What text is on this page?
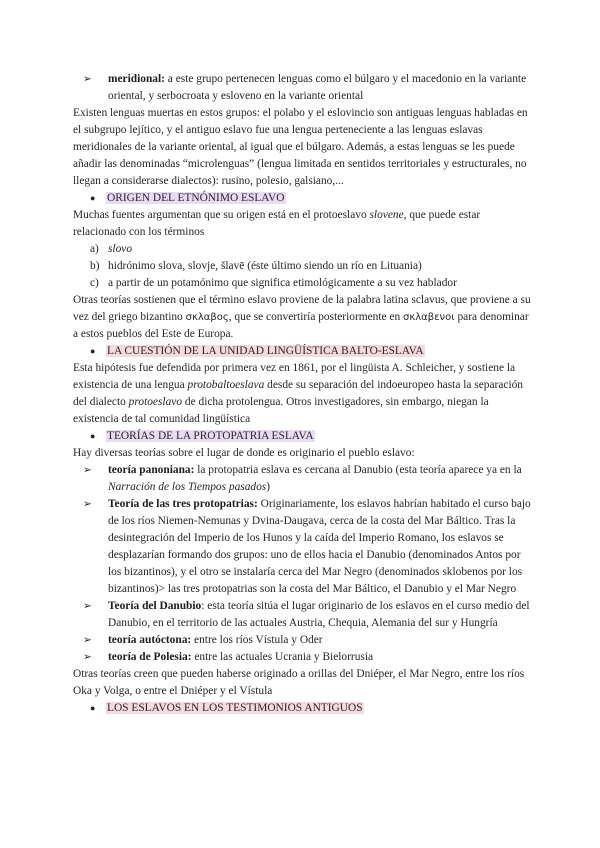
➢ meridional: a este grupo pertenecen lenguas como el búlgaro y el macedonio en la variante oriental, y serbocroata y esloveno en la variante oriental

Existen lenguas muertas en estos grupos: el polabo y el eslovincio son antiguas lenguas habladas en el subgrupo lejítico, y el antiguo eslavo fue una lengua perteneciente a las lenguas eslavas meridionales de la variante oriental, al igual que el búlgaro. Además, a estas lenguas se les puede añadir las denominadas “microlenguas” (lengua limitada en sentidos territoriales y estructurales, no llegan a considerarse dialectos): rusino, polesio, galsiano,...

● ORIGEN DEL ETNÓNIMO ESLAVO

Muchas fuentes argumentan que su origen está en el protoeslavo slovene, que puede estar relacionado con los términos

a) slovo

b) hidrónimo slova, slovje, šlavē (éste último siendo un río en Lituania)

c) a partir de un potamónimo que significa etimológicamente a su vez hablador

Otras teorías sostienen que el término eslavo proviene de la palabra latina sclavus, que proviene a su vez del griego bizantino σκλαβος, que se convertiría posteriormente en σκλαβενοι para denominar a estos pueblos del Este de Europa.

● LA CUESTIÓN DE LA UNIDAD LINGÜÍSTICA BALTO-ESLAVA

Esta hipótesis fue defendida por primera vez en 1861, por el lingüista A. Schleicher, y sostiene la existencia de una lengua protobaltoeslava desde su separación del indoeuropeo hasta la separación del dialecto protoeslavo de dicha protolengua. Otros investigadores, sin embargo, niegan la existencia de tal comunidad lingüística

● TEORÍAS DE LA PROTOPATRIA ESLAVA

Hay diversas teorías sobre el lugar de donde es originario el pueblo eslavo:

➢ teoría panoniana: la protopatria eslava es cercana al Danubio (esta teoría aparece ya en la Narración de los Tiempos pasados)

➢ Teoría de las tres protopatrias: Originariamente, los eslavos habrían habitado el curso bajo de los ríos Niemen-Nemunas y Dvina-Daugava, cerca de la costa del Mar Báltico. Tras la desintegración del Imperio de los Hunos y la caída del Imperio Romano, los eslavos se desplazarían formando dos grupos: uno de ellos hacia el Danubio (denominados Antos por los bizantinos), y el otro se instalaría cerca del Mar Negro (denominados sklobenos por los bizantinos)> las tres protopatrias son la costa del Mar Báltico, el Danubio y el Mar Negro

➢ Teoría del Danubio: esta teoría sitúa el lugar originario de los eslavos en el curso medio del Danubio, en el territorio de las actuales Austria, Chequia, Alemania del sur y Hungría

➢ teoría autóctona: entre los ríos Vístula y Oder

➢ teoría de Polesia: entre las actuales Ucrania y Bielorrusia

Otras teorías creen que pueden haberse originado a orillas del Dniéper, el Mar Negro, entre los ríos Oka y Volga, o entre el Dniéper y el Vístula

● LOS ESLAVOS EN LOS TESTIMONIOS ANTIGUOS
